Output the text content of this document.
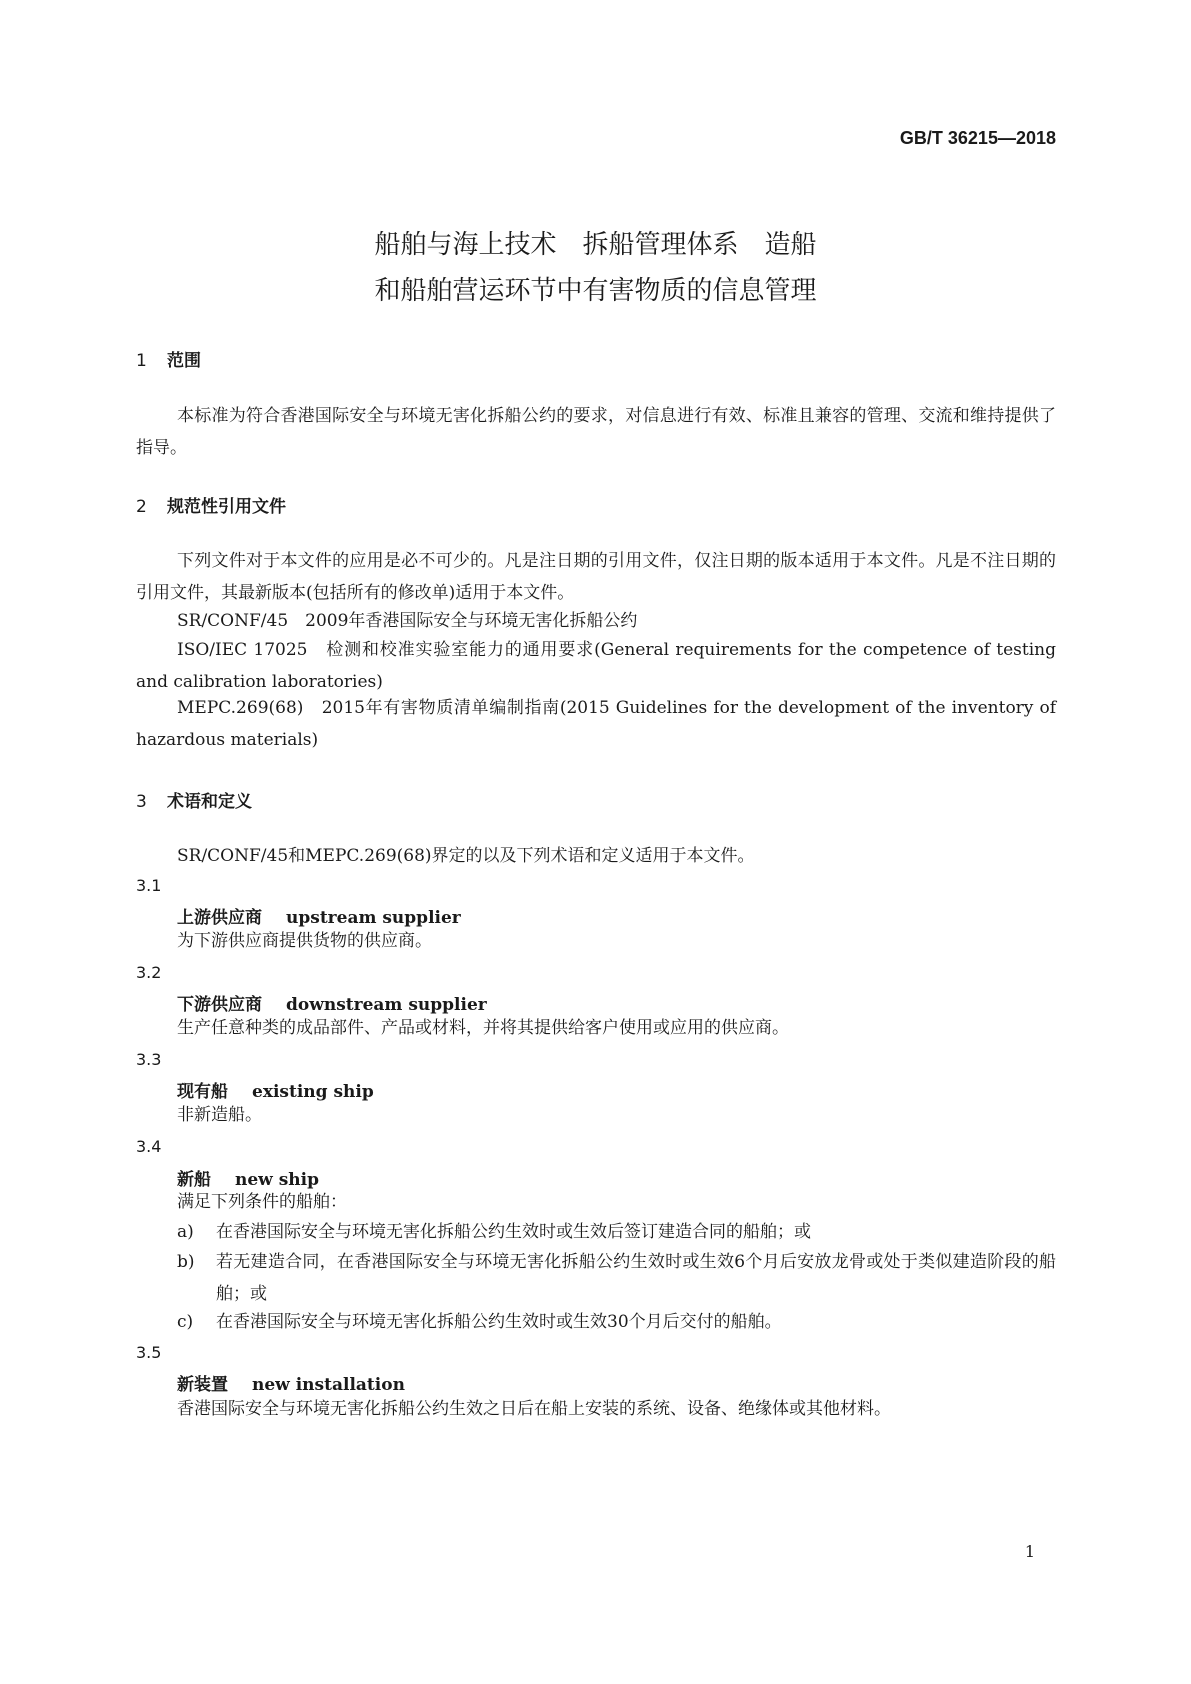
GB/T 36215—2018
船舶与海上技术　拆船管理体系　造船
和船舶营运环节中有害物质的信息管理
1 范围
本标准为符合香港国际安全与环境无害化拆船公约的要求，对信息进行有效、标准且兼容的管理、交流和维持提供了指导。
2 规范性引用文件
下列文件对于本文件的应用是必不可少的。凡是注日期的引用文件，仅注日期的版本适用于本文件。凡是不注日期的引用文件，其最新版本(包括所有的修改单)适用于本文件。
SR/CONF/45　2009年香港国际安全与环境无害化拆船公约
ISO/IEC 17025　检测和校准实验室能力的通用要求(General requirements for the competence of testing and calibration laboratories)
MEPC.269(68)　2015年有害物质清单编制指南(2015 Guidelines for the development of the inventory of hazardous materials)
3 术语和定义
SR/CONF/45和MEPC.269(68)界定的以及下列术语和定义适用于本文件。
3.1
上游供应商 upstream supplier
为下游供应商提供货物的供应商。
3.2
下游供应商 downstream supplier
生产任意种类的成品部件、产品或材料，并将其提供给客户使用或应用的供应商。
3.3
现有船 existing ship
非新造船。
3.4
新船 new ship
满足下列条件的船舶：
a) 在香港国际安全与环境无害化拆船公约生效时或生效后签订建造合同的船舶；或
b) 若无建造合同，在香港国际安全与环境无害化拆船公约生效时或生效6个月后安放龙骨或处于类似建造阶段的船舶；或
c) 在香港国际安全与环境无害化拆船公约生效时或生效30个月后交付的船舶。
3.5
新装置 new installation
香港国际安全与环境无害化拆船公约生效之日后在船上安装的系统、设备、绝缘体或其他材料。
1
